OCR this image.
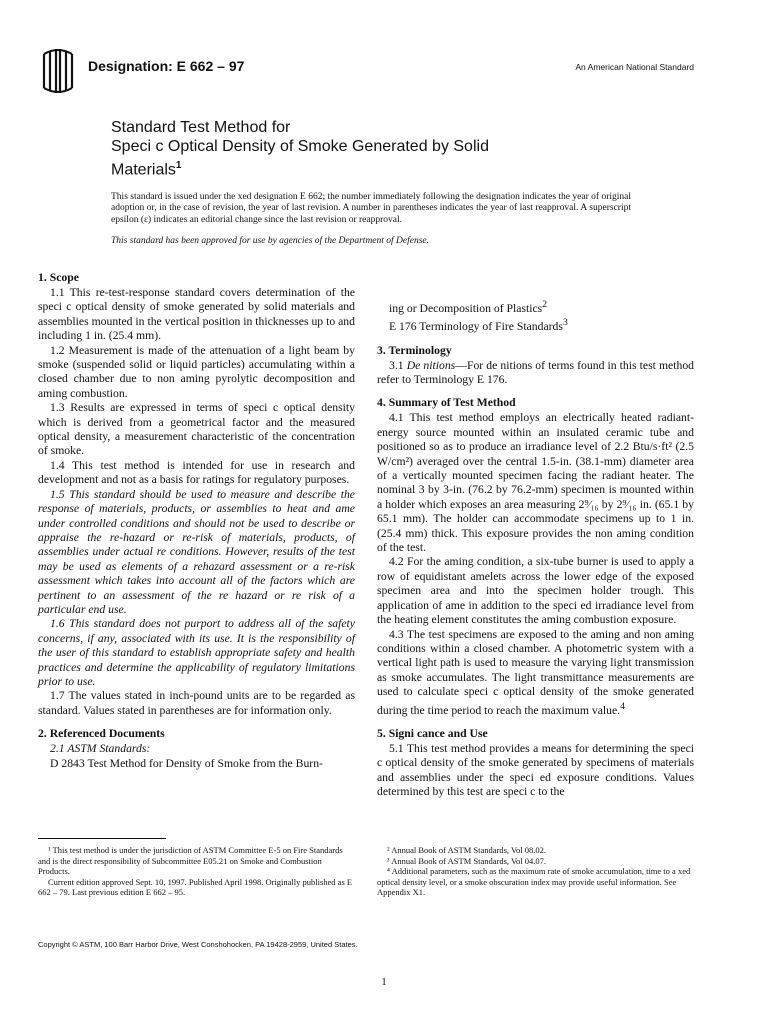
Designation: E 662 – 97	An American National Standard
Standard Test Method for
Speci c Optical Density of Smoke Generated by Solid
Materials$^1$
This standard is issued under the xed designation E 662; the number immediately following the designation indicates the year of original adoption or, in the case of revision, the year of last revision. A number in parentheses indicates the year of last reapproval. A superscript epsilon (ε) indicates an editorial change since the last revision or reapproval.
This standard has been approved for use by agencies of the Department of Defense.
1. Scope

1.1 This re-test-response standard covers determination of the speci c optical density of smoke generated by solid materials and assemblies mounted in the vertical position in thicknesses up to and including 1 in. (25.4 mm).

1.2 Measurement is made of the attenuation of a light beam by smoke (suspended solid or liquid particles) accumulating within a closed chamber due to non aming pyrolytic decomposition and aming combustion.

1.3 Results are expressed in terms of speci c optical density which is derived from a geometrical factor and the measured optical density, a measurement characteristic of the concentration of smoke.

1.4 This test method is intended for use in research and development and not as a basis for ratings for regulatory purposes.

1.5 This standard should be used to measure and describe the response of materials, products, or assemblies to heat and ame under controlled conditions and should not be used to describe or appraise the re-hazard or re-risk of materials, products, of assemblies under actual re conditions. However, results of the test may be used as elements of a rehazard assessment or a re-risk assessment which takes into account all of the factors which are pertinent to an assessment of the re hazard or re risk of a particular end use.

1.6 This standard does not purport to address all of the safety concerns, if any, associated with its use. It is the responsibility of the user of this standard to establish appropriate safety and health practices and determine the applicability of regulatory limitations prior to use.

1.7 The values stated in inch-pound units are to be regarded as standard. Values stated in parentheses are for information only.

2. Referenced Documents

2.1 ASTM Standards:

D 2843 Test Method for Density of Smoke from the Burn-

ing or Decomposition of Plastics$^2$

E 176 Terminology of Fire Standards$^3$

3. Terminology

3.1 De nitions—For de nitions of terms found in this test method refer to Terminology E 176.

4. Summary of Test Method

4.1 This test method employs an electrically heated radiant-energy source mounted within an insulated ceramic tube and positioned so as to produce an irradiance level of 2.2 Btu/s·ft² (2.5 W/cm²) averaged over the central 1.5-in. (38.1-mm) diameter area of a vertically mounted specimen facing the radiant heater. The nominal 3 by 3-in. (76.2 by 76.2-mm) specimen is mounted within a holder which exposes an area measuring 2⁹⁄₁₆ by 2⁹⁄₁₆ in. (65.1 by 65.1 mm). The holder can accommodate specimens up to 1 in. (25.4 mm) thick. This exposure provides the non aming condition of the test.

4.2 For the aming condition, a six-tube burner is used to apply a row of equidistant amelets across the lower edge of the exposed specimen area and into the specimen holder trough. This application of ame in addition to the speci ed irradiance level from the heating element constitutes the aming combustion exposure.

4.3 The test specimens are exposed to the aming and non aming conditions within a closed chamber. A photometric system with a vertical light path is used to measure the varying light transmission as smoke accumulates. The light transmittance measurements are used to calculate speci c optical density of the smoke generated during the time period to reach the maximum value.$^4$

5. Signi cance and Use

5.1 This test method provides a means for determining the speci c optical density of the smoke generated by specimens of materials and assemblies under the speci ed exposure conditions. Values determined by this test are speci c to the

¹ This test method is under the jurisdiction of ASTM Committee E-5 on Fire Standards and is the direct responsibility of Subcommittee E05.21 on Smoke and Combustion Products.

Current edition approved Sept. 10, 1997. Published April 1998. Originally published as E 662 – 79. Last previous edition E 662 – 95.

² Annual Book of ASTM Standards, Vol 08.02.

³ Annual Book of ASTM Standards, Vol 04.07.

⁴ Additional parameters, such as the maximum rate of smoke accumulation, time to a xed optical density level, or a smoke obscuration index may provide useful information. See Appendix X1.

Copyright © ASTM, 100 Barr Harbor Drive, West Conshohocken, PA 19428-2959, United States.
1
